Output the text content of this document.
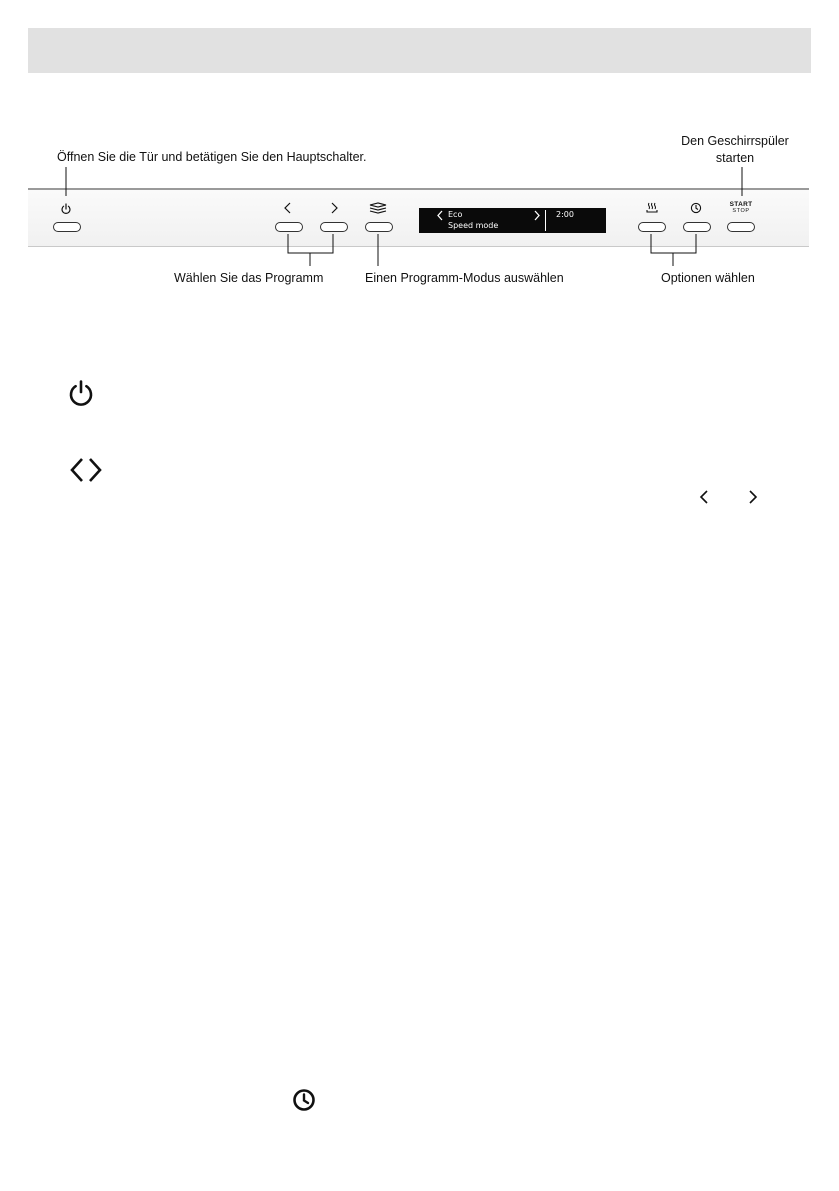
Öffnen Sie die Tür und betätigen Sie den Hauptschalter.
Den Geschirrspüler
starten
Wählen Sie das Programm	Einen Programm-Modus auswählen	Optionen wählen
Eco
Speed mode
2:00
START
STOP
